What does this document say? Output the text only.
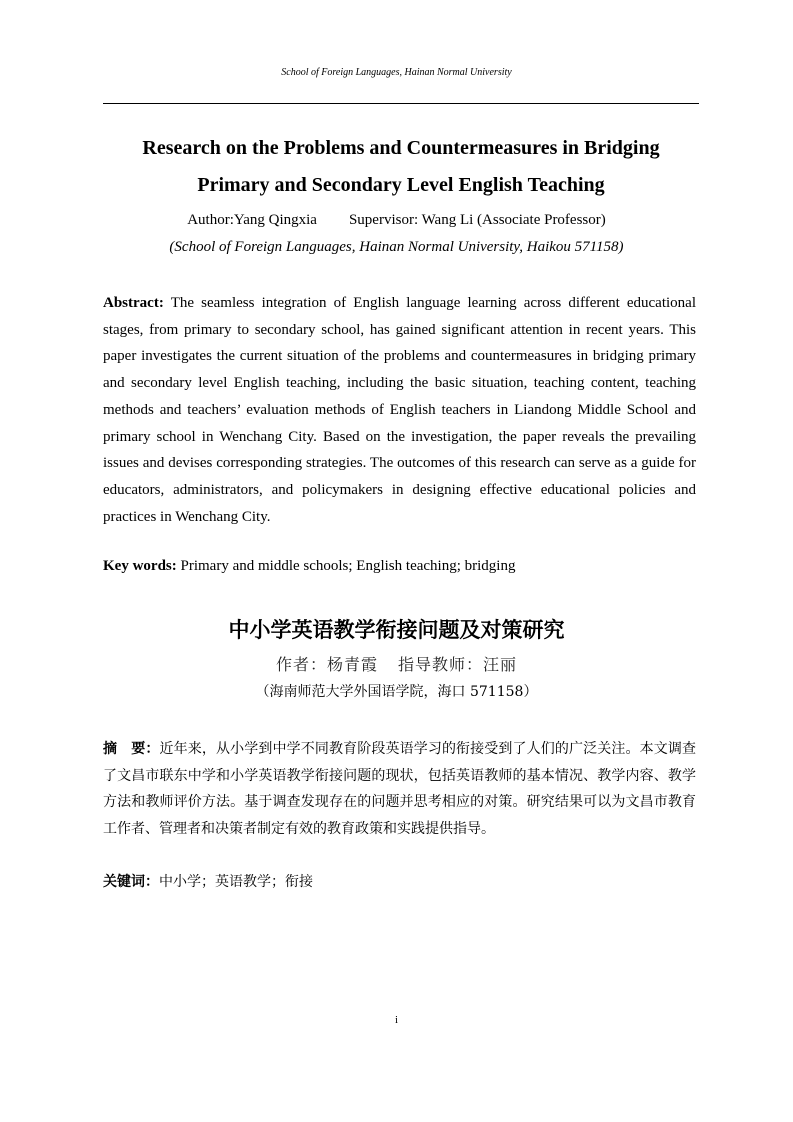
School of Foreign Languages, Hainan Normal University
Research on the Problems and Countermeasures in Bridging
Primary and Secondary Level English Teaching
Author:Yang Qingxia Supervisor: Wang Li (Associate Professor)
(School of Foreign Languages, Hainan Normal University, Haikou 571158)
Abstract: The seamless integration of English language learning across different educational stages, from primary to secondary school, has gained significant attention in recent years. This paper investigates the current situation of the problems and countermeasures in bridging primary and secondary level English teaching, including the basic situation, teaching content, teaching methods and teachers’ evaluation methods of English teachers in Liandong Middle School and primary school in Wenchang City. Based on the investigation, the paper reveals the prevailing issues and devises corresponding strategies. The outcomes of this research can serve as a guide for educators, administrators, and policymakers in designing effective educational policies and practices in Wenchang City.
Key words: Primary and middle schools; English teaching; bridging
中小学英语教学衔接问题及对策研究
作者：杨青霞 指导教师：汪丽
（海南师范大学外国语学院，海口 571158）
摘　要：近年来，从小学到中学不同教育阶段英语学习的衔接受到了人们的广泛关注。本文调查了文昌市联东中学和小学英语教学衔接问题的现状，包括英语教师的基本情况、教学内容、教学方法和教师评价方法。基于调查发现存在的问题并思考相应的对策。研究结果可以为文昌市教育工作者、管理者和决策者制定有效的教育政策和实践提供指导。
关键词：中小学；英语教学；衔接
i
